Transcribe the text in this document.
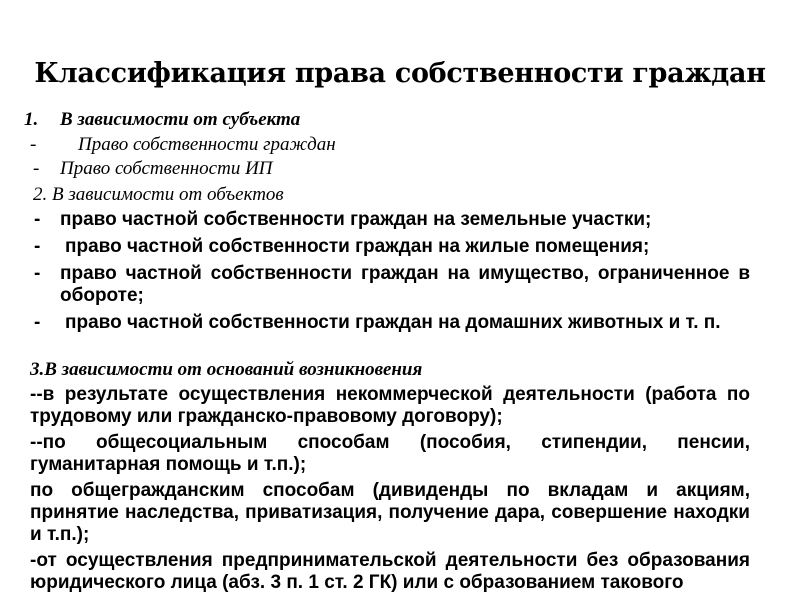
Классификация права собственности граждан
1. В зависимости от субъекта
- Право собственности граждан
- Право собственности ИП
2. В зависимости от объектов
- право частной собственности граждан на земельные участки;
- право частной собственности граждан на жилые помещения;
- право частной собственности граждан на имущество, ограниченное в обороте;
- право частной собственности граждан на домашних животных и т. п.
3.В зависимости от оснований возникновения
--в результате осуществления некоммерческой деятельности (работа по трудовому или гражданско-правовому договору);
--по общесоциальным способам (пособия, стипендии, пенсии, гуманитарная помощь и т.п.);
по общегражданским способам (дивиденды по вкладам и акциям, принятие наследства, приватизация, получение дара, совершение находки и т.п.);
-от осуществления предпринимательской деятельности без образования юридического лица (абз. 3 п. 1 ст. 2 ГК) или с образованием такового
